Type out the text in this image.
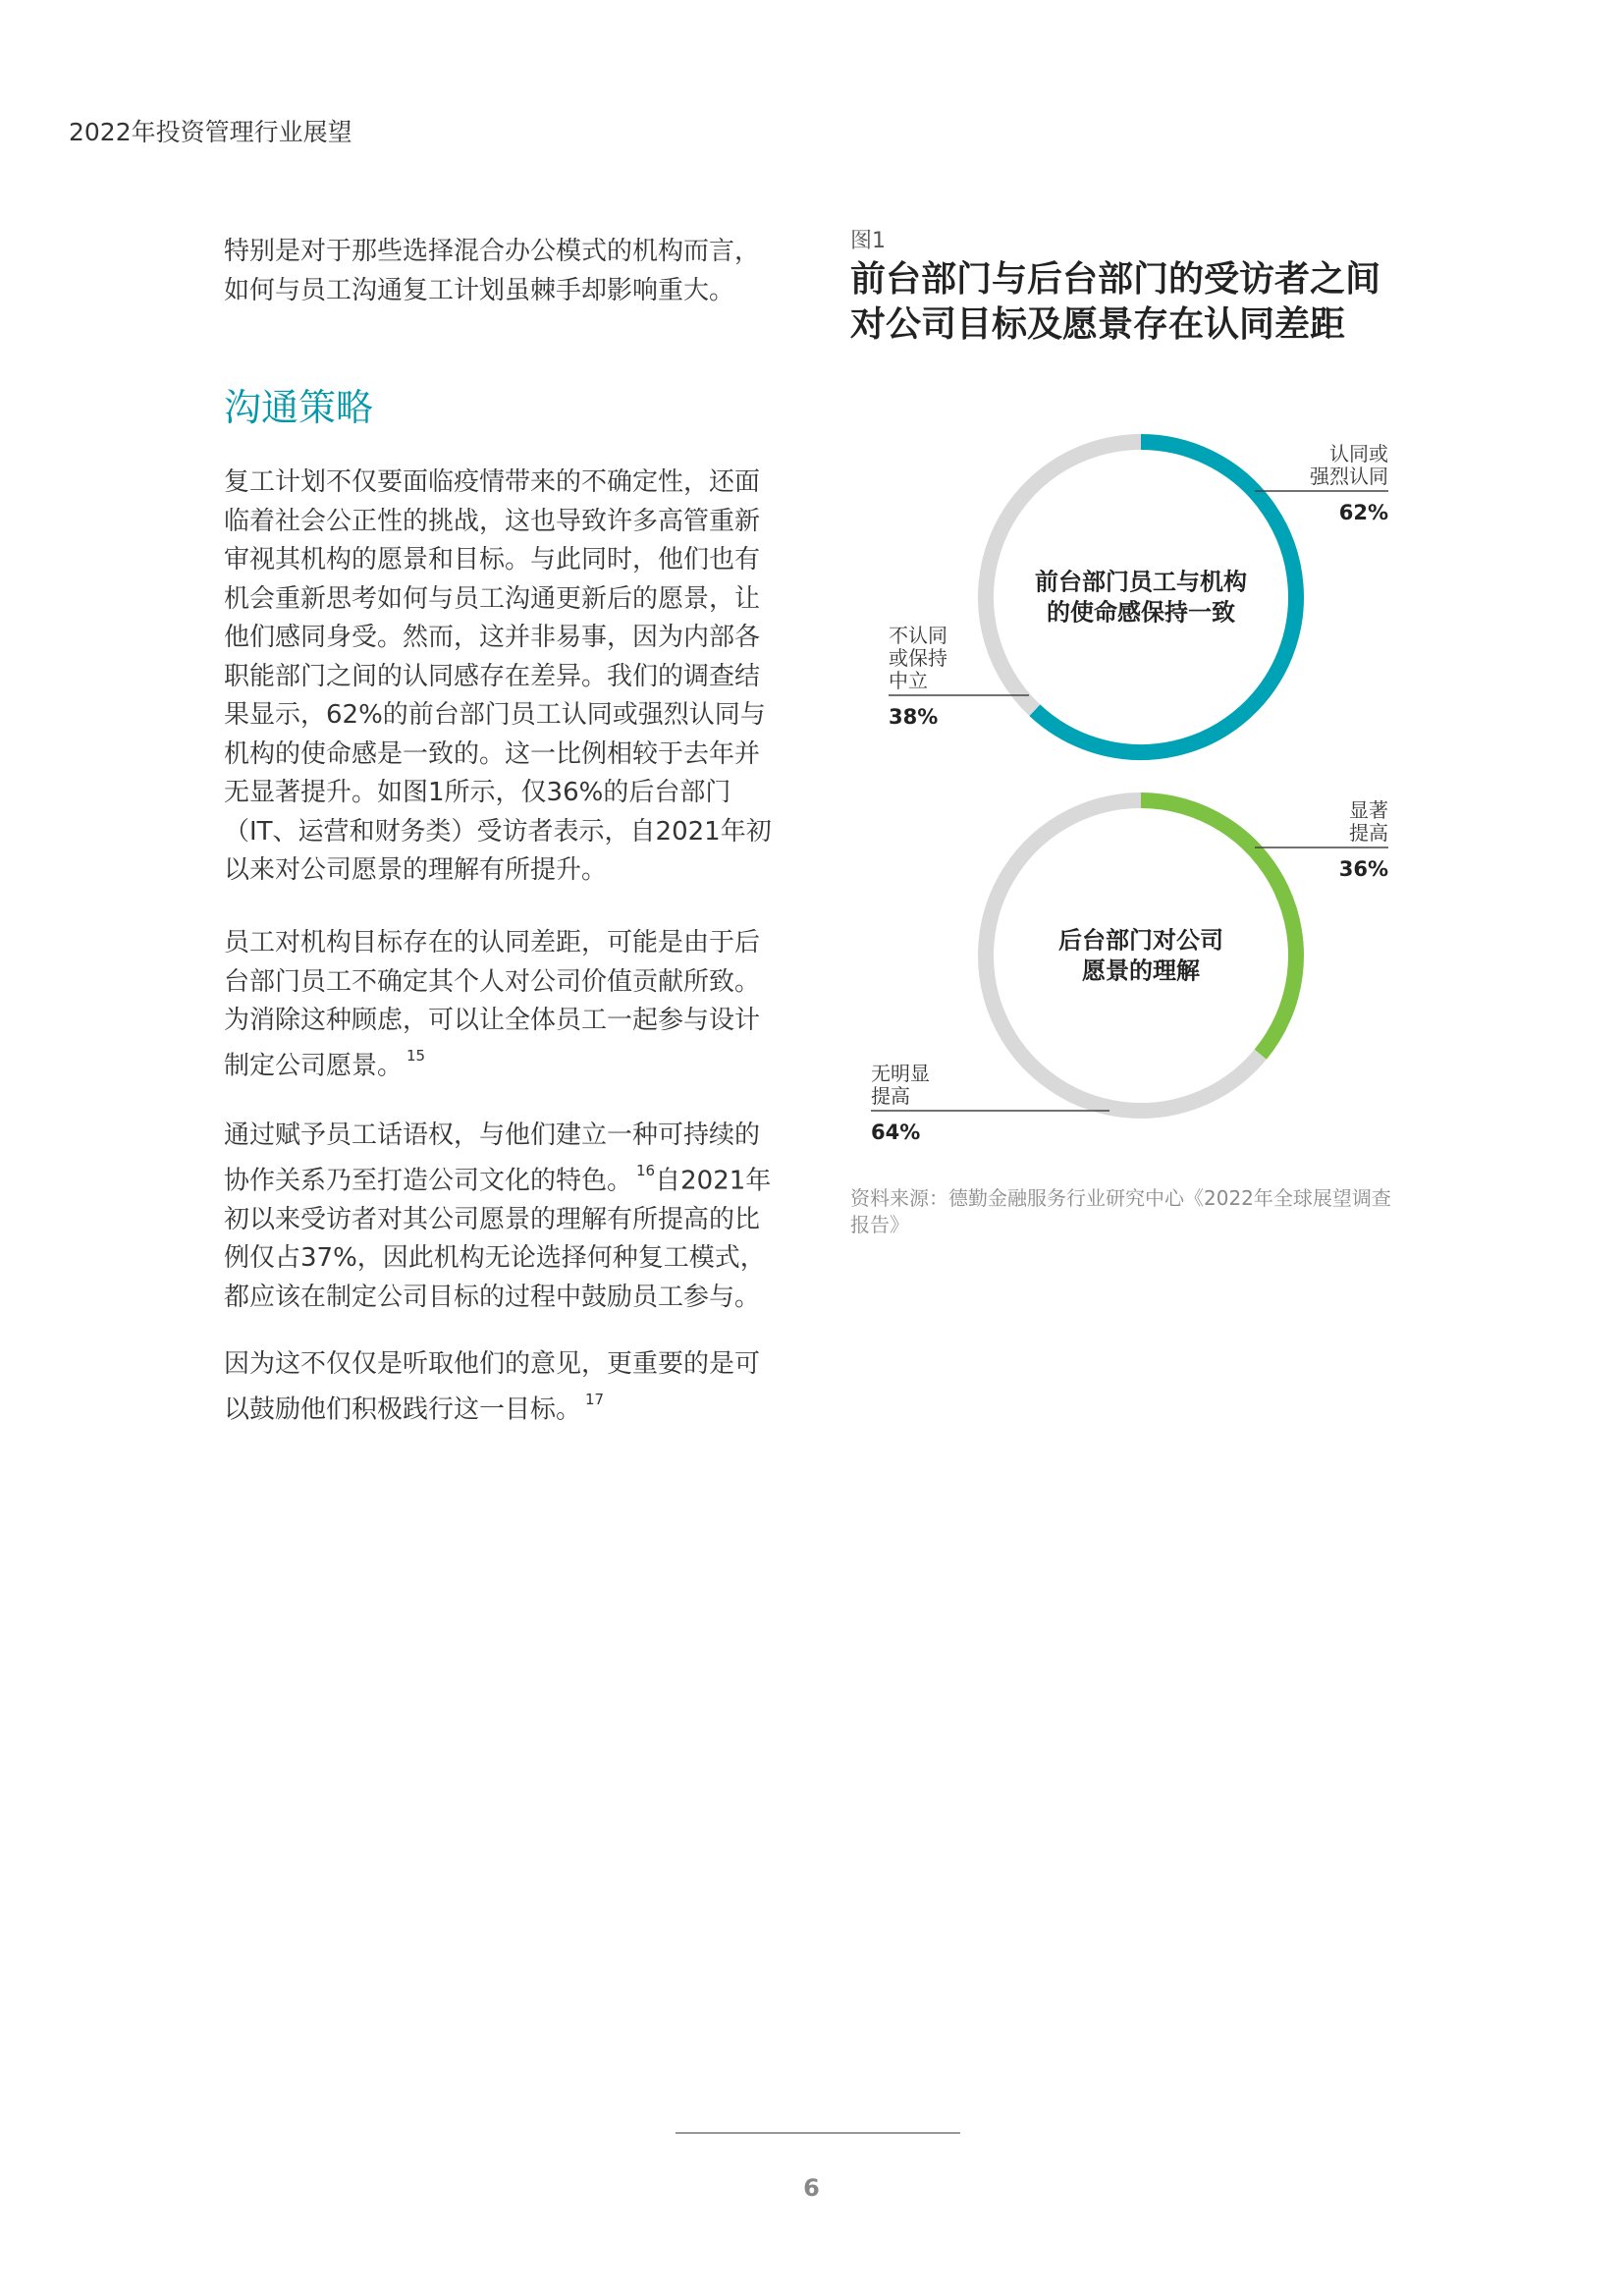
2022年投资管理行业展望

特别是对于那些选择混合办公模式的机构而言，如何与员工沟通复工计划虽棘手却影响重大。

沟通策略

复工计划不仅要面临疫情带来的不确定性，还面临着社会公正性的挑战，这也导致许多高管重新审视其机构的愿景和目标。与此同时，他们也有机会重新思考如何与员工沟通更新后的愿景，让他们感同身受。然而，这并非易事，因为内部各职能部门之间的认同感存在差异。我们的调查结果显示，62%的前台部门员工认同或强烈认同与机构的使命感是一致的。这一比例相较于去年并无显著提升。如图1所示，仅36%的后台部门（IT、运营和财务类）受访者表示，自2021年初以来对公司愿景的理解有所提升。

员工对机构目标存在的认同差距，可能是由于后台部门员工不确定其个人对公司价值贡献所致。为消除这种顾虑，可以让全体员工一起参与设计制定公司愿景。 $^{15}$

通过赋予员工话语权，与他们建立一种可持续的协作关系乃至打造公司文化的特色。 $^{16}$自2021年初以来受访者对其公司愿景的理解有所提高的比例仅占37%，因此机构无论选择何种复工模式，都应该在制定公司目标的过程中鼓励员工参与。

因为这不仅仅是听取他们的意见，更重要的是可以鼓励他们积极践行这一目标。 $^{17}$

图1
前台部门与后台部门的受访者之间对公司目标及愿景存在认同差距
前台部门员工与机构
的使命感保持一致
认同或
强烈认同
62%
不认同
或保持
中立
38%
后台部门对公司
愿景的理解
显著
提高
36%
无明显
提高
64%
资料来源：德勤金融服务行业研究中心《2022年全球展望调查报告》
6
